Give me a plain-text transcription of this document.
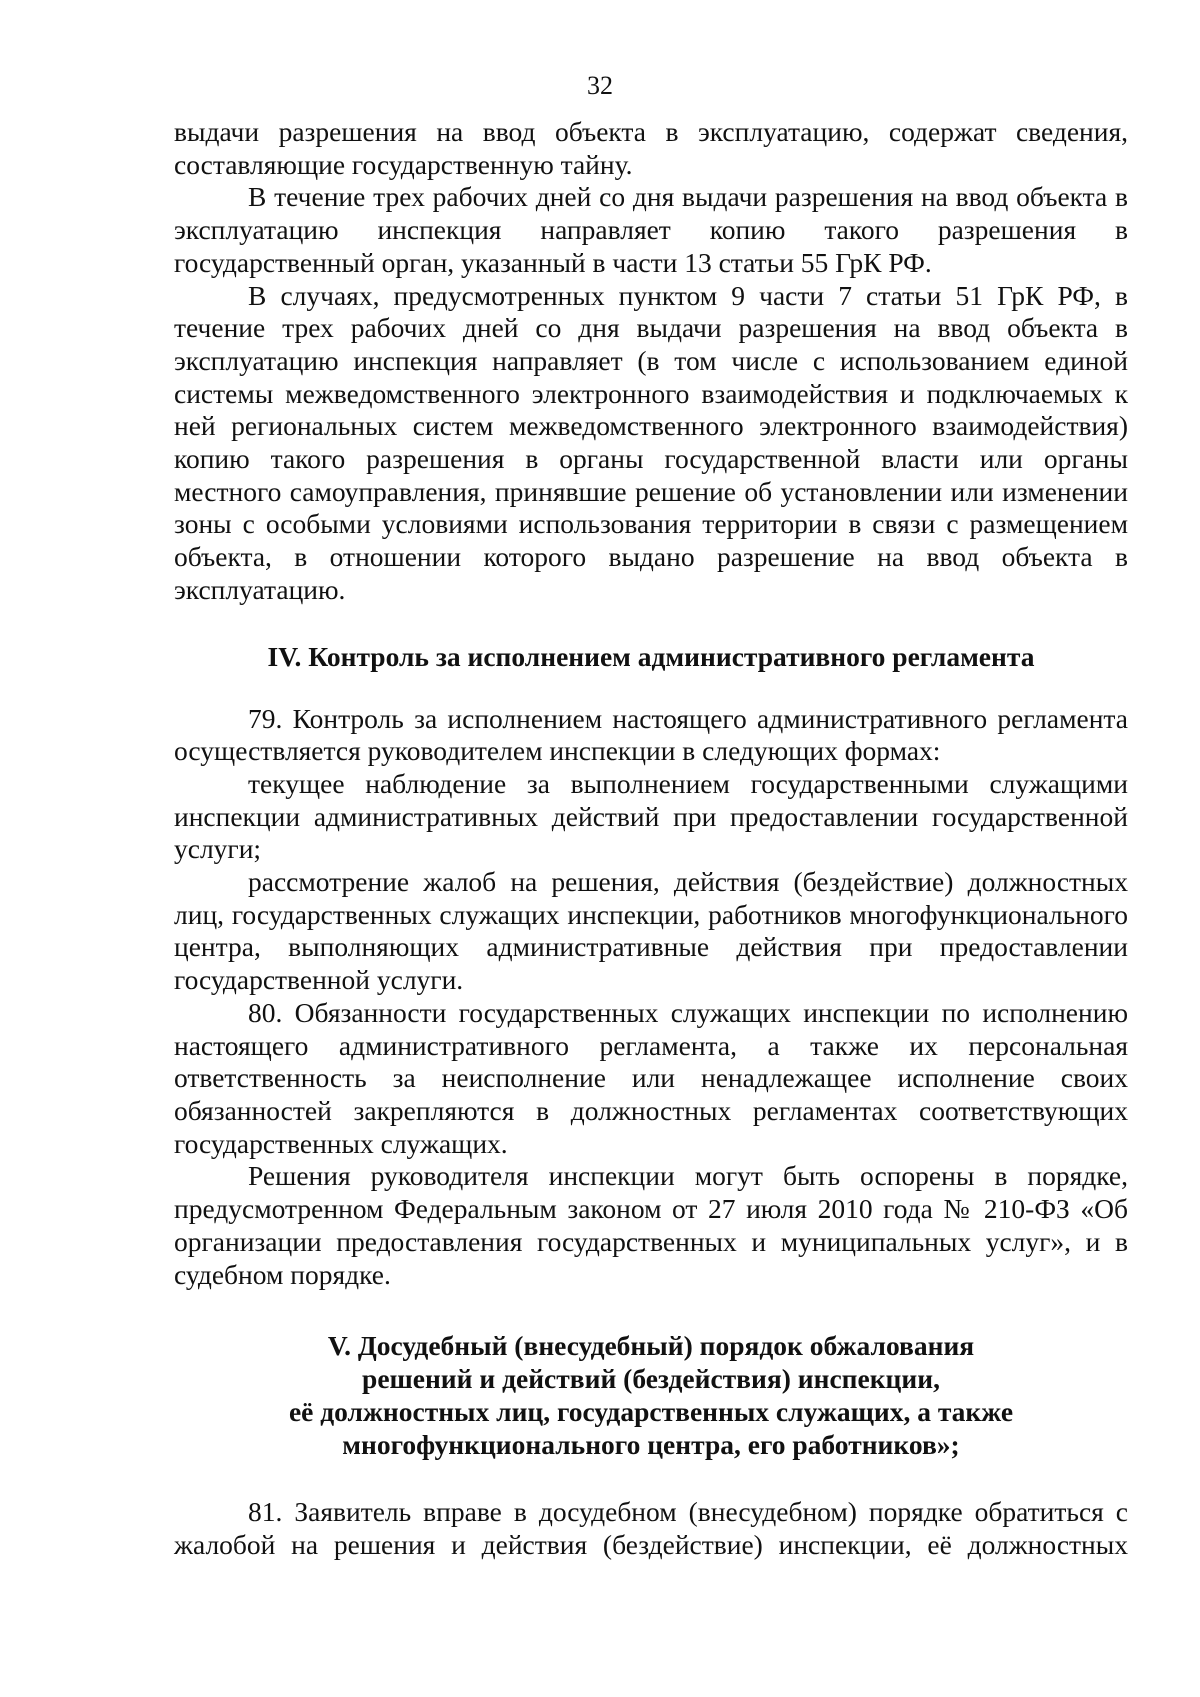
32

выдачи разрешения на ввод объекта в эксплуатацию, содержат сведения, составляющие государственную тайну.

В течение трех рабочих дней со дня выдачи разрешения на ввод объекта в эксплуатацию инспекция направляет копию такого разрешения в государственный орган, указанный в части 13 статьи 55 ГрК РФ.

В случаях, предусмотренных пунктом 9 части 7 статьи 51 ГрК РФ, в течение трех рабочих дней со дня выдачи разрешения на ввод объекта в эксплуатацию инспекция направляет (в том числе с использованием единой системы межведомственного электронного взаимодействия и подключаемых к ней региональных систем межведомственного электронного взаимодействия) копию такого разрешения в органы государственной власти или органы местного самоуправления, принявшие решение об установлении или изменении зоны с особыми условиями использования территории в связи с размещением объекта, в отношении которого выдано разрешение на ввод объекта в эксплуатацию.

IV. Контроль за исполнением административного регламента

79. Контроль за исполнением настоящего административного регламента осуществляется руководителем инспекции в следующих формах:

текущее наблюдение за выполнением государственными служащими инспекции административных действий при предоставлении государственной услуги;

рассмотрение жалоб на решения, действия (бездействие) должностных лиц, государственных служащих инспекции, работников многофункционального центра, выполняющих административные действия при предоставлении государственной услуги.

80. Обязанности государственных служащих инспекции по исполнению настоящего административного регламента, а также их персональная ответственность за неисполнение или ненадлежащее исполнение своих обязанностей закрепляются в должностных регламентах соответствующих государственных служащих.

Решения руководителя инспекции могут быть оспорены в порядке, предусмотренном Федеральным законом от 27 июля 2010 года № 210-ФЗ «Об организации предоставления государственных и муниципальных услуг», и в судебном порядке.

V. Досудебный (внесудебный) порядок обжалования
решений и действий (бездействия) инспекции,
её должностных лиц, государственных служащих, а также
многофункционального центра, его работников»;

81. Заявитель вправе в досудебном (внесудебном) порядке обратиться с жалобой на решения и действия (бездействие) инспекции, её должностных
